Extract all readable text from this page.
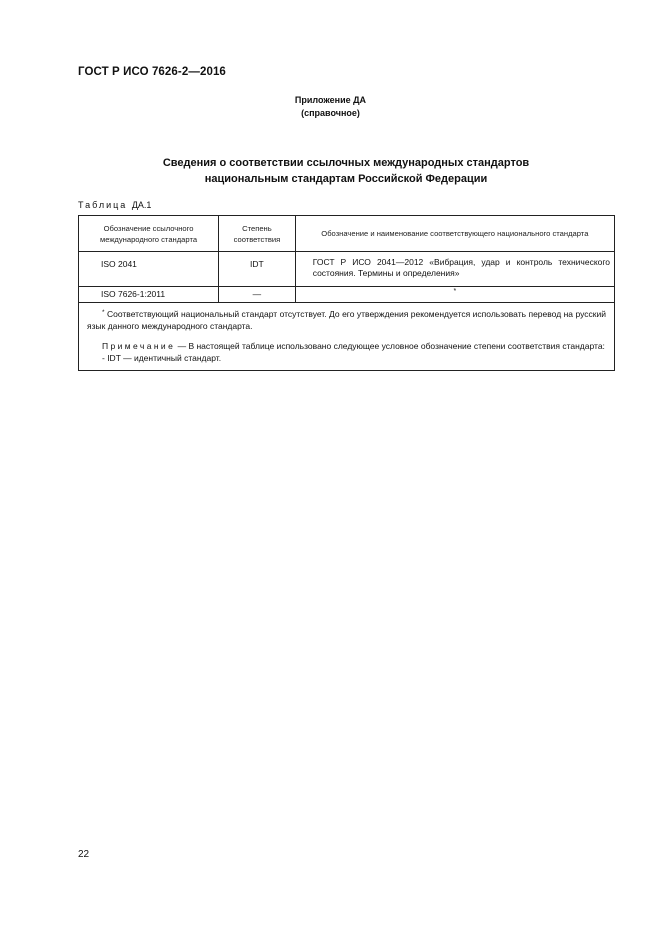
ГОСТ Р ИСО 7626-2—2016
Приложение ДА
(справочное)
Сведения о соответствии ссылочных международных стандартов
национальным стандартам Российской Федерации
Таблица ДА.1
Обозначение ссылочного международного стандарта	Степень соответствия	Обозначение и наименование соответствующего национального стандарта
ISO 2041	IDT	ГОСТ Р ИСО 2041—2012 «Вибрация, удар и контроль технического состояния. Термины и определения»
ISO 7626-1:2011	—	*

* Соответствующий национальный стандарт отсутствует. До его утверждения рекомендуется использовать перевод на русский язык данного международного стандарта.
Примечание — В настоящей таблице использовано следующее условное обозначение степени соответствия стандарта:
- IDT — идентичный стандарт.		
22
